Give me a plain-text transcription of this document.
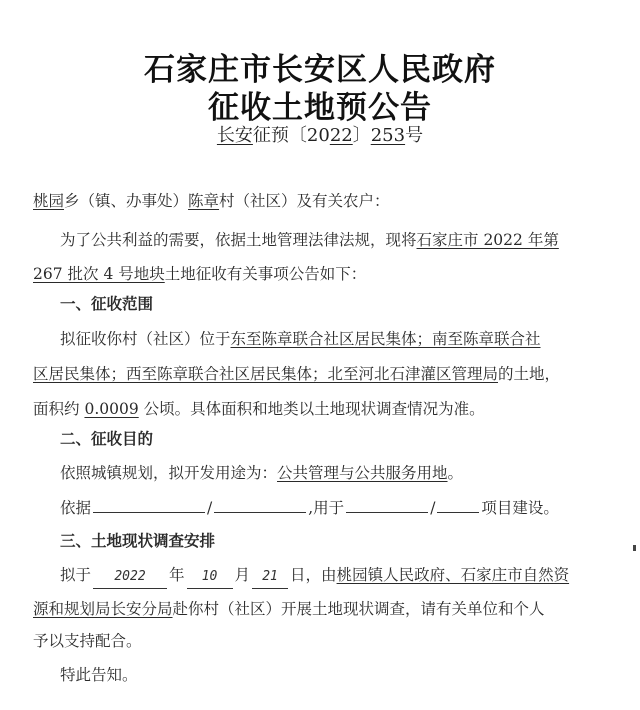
石家庄市长安区人民政府
征收土地预公告
长安征预〔2022〕253号
桃园乡（镇、办事处）陈章村（社区）及有关农户：
为了公共利益的需要，依据土地管理法律法规，现将石家庄市 2022 年第
267 批次 4 号地块土地征收有关事项公告如下：
一、征收范围
拟征收你村（社区）位于东至陈章联合社区居民集体；南至陈章联合社
区居民集体；西至陈章联合社区居民集体；北至河北石津灌区管理局的土地，
面积约 0.0009 公顷。具体面积和地类以土地现状调查情况为准。
二、征收目的
依照城镇规划，拟开发用途为：公共管理与公共服务用地。
依据	/	,用于	/	项目建设。
三、土地现状调查安排
拟于 2022 年 10 月 21 日，由桃园镇人民政府、石家庄市自然资
源和规划局长安分局赴你村（社区）开展土地现状调查，请有关单位和个人
予以支持配合。
特此告知。
